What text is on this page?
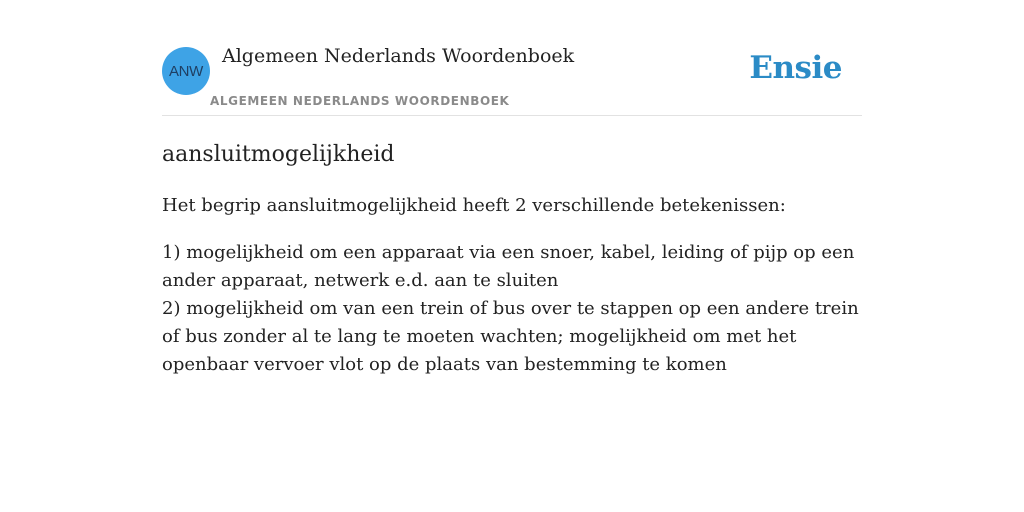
ANW
Algemeen Nederlands Woordenboek
ALGEMEEN NEDERLANDS WOORDENBOEK
Ensie
aansluitmogelijkheid

Het begrip aansluitmogelijkheid heeft 2 verschillende betekenissen:

1) mogelijkheid om een apparaat via een snoer, kabel, leiding of pijp op een ander apparaat, netwerk e.d. aan te sluiten
2) mogelijkheid om van een trein of bus over te stappen op een andere trein of bus zonder al te lang te moeten wachten; mogelijkheid om met het openbaar vervoer vlot op de plaats van bestemming te komen
